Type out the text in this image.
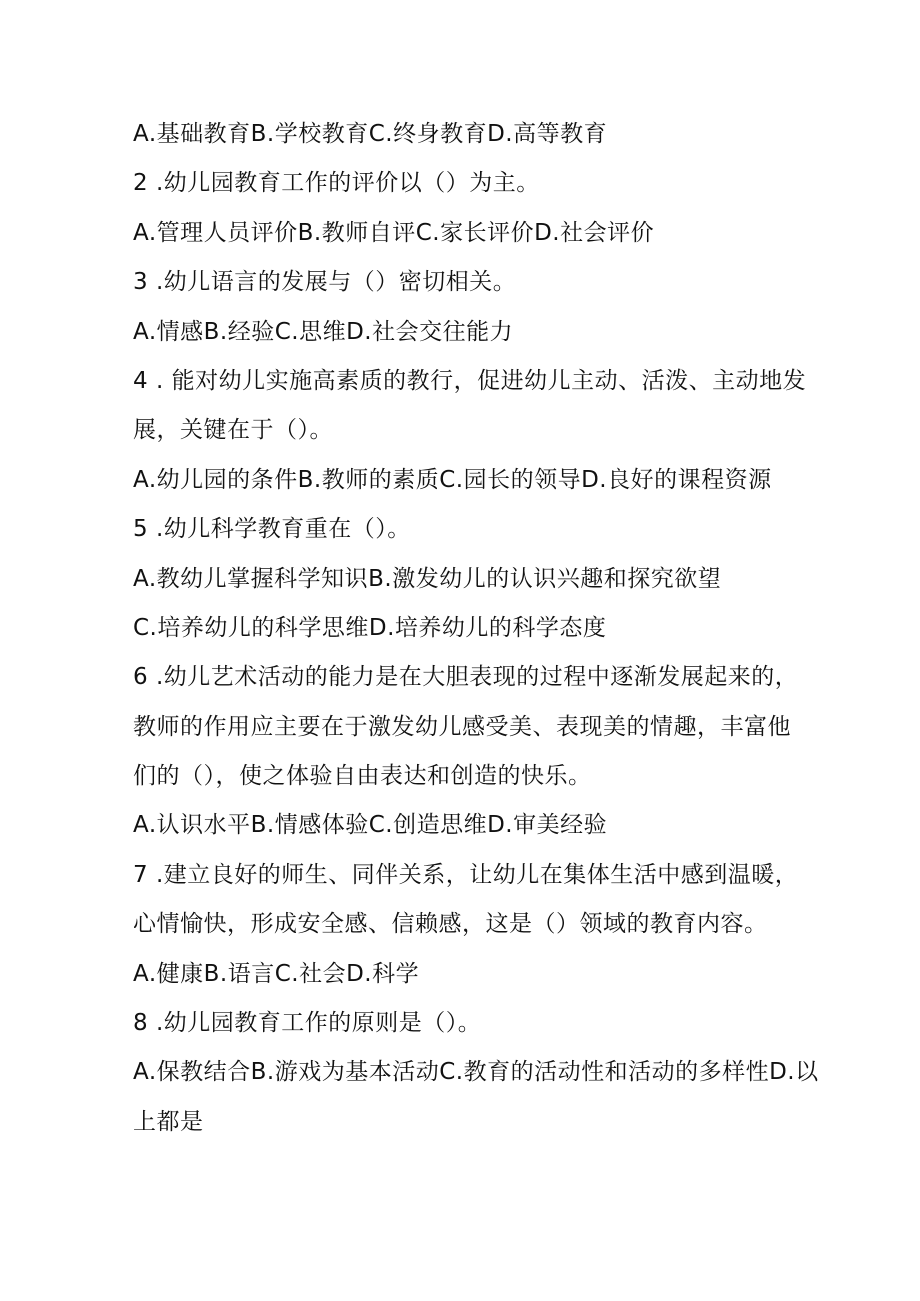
A.基础教育B.学校教育C.终身教育D.高等教育
2 .幼儿园教育工作的评价以（）为主。
A.管理人员评价B.教师自评C.家长评价D.社会评价
3 .幼儿语言的发展与（）密切相关。
A.情感B.经验C.思维D.社会交往能力
4 . 能对幼儿实施高素质的教行，促进幼儿主动、活泼、主动地发
展，关键在于（）。
A.幼儿园的条件B.教师的素质C.园长的领导D.良好的课程资源
5 .幼儿科学教育重在（）。
A.教幼儿掌握科学知识B.激发幼儿的认识兴趣和探究欲望
C.培养幼儿的科学思维D.培养幼儿的科学态度
6 .幼儿艺术活动的能力是在大胆表现的过程中逐渐发展起来的，
教师的作用应主要在于激发幼儿感受美、表现美的情趣，丰富他
们的（），使之体验自由表达和创造的快乐。
A.认识水平B.情感体验C.创造思维D.审美经验
7 .建立良好的师生、同伴关系，让幼儿在集体生活中感到温暖，
心情愉快，形成安全感、信赖感，这是（）领域的教育内容。
A.健康B.语言C.社会D.科学
8 .幼儿园教育工作的原则是（）。
A.保教结合B.游戏为基本活动C.教育的活动性和活动的多样性D.以
上都是
